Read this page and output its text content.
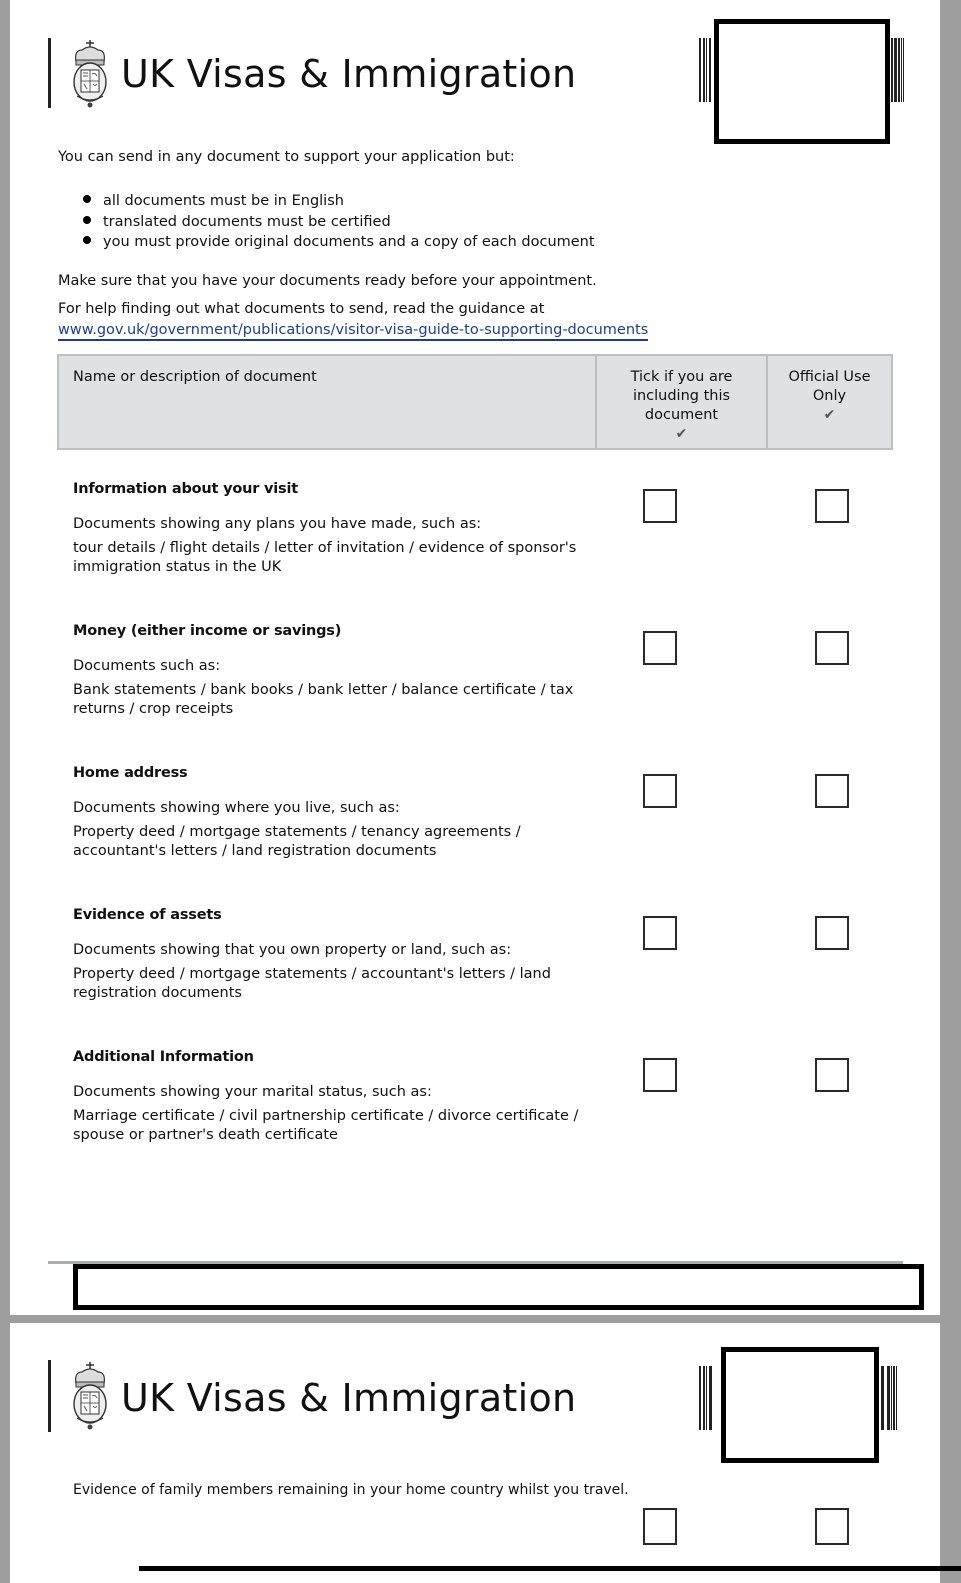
UK Visas & Immigration
You can send in any document to support your application but:
all documents must be in English
translated documents must be certified
you must provide original documents and a copy of each document
Make sure that you have your documents ready before your appointment.
For help finding out what documents to send, read the guidance at
www.gov.uk/government/publications/visitor-visa-guide-to-supporting-documents
Name or description of document	Tick if you are including this document
✔
Official Use Only
✔
Information about your visit
Documents showing any plans you have made, such as:
tour details / flight details / letter of invitation / evidence of sponsor's immigration status in the UK
Money (either income or savings)
Documents such as:
Bank statements / bank books / bank letter / balance certificate / tax returns / crop receipts
Home address
Documents showing where you live, such as:
Property deed / mortgage statements / tenancy agreements / accountant's letters / land registration documents
Evidence of assets
Documents showing that you own property or land, such as:
Property deed / mortgage statements / accountant's letters / land registration documents
Additional Information
Documents showing your marital status, such as:
Marriage certificate / civil partnership certificate / divorce certificate / spouse or partner's death certificate
UK Visas & Immigration
Evidence of family members remaining in your home country whilst you travel.
